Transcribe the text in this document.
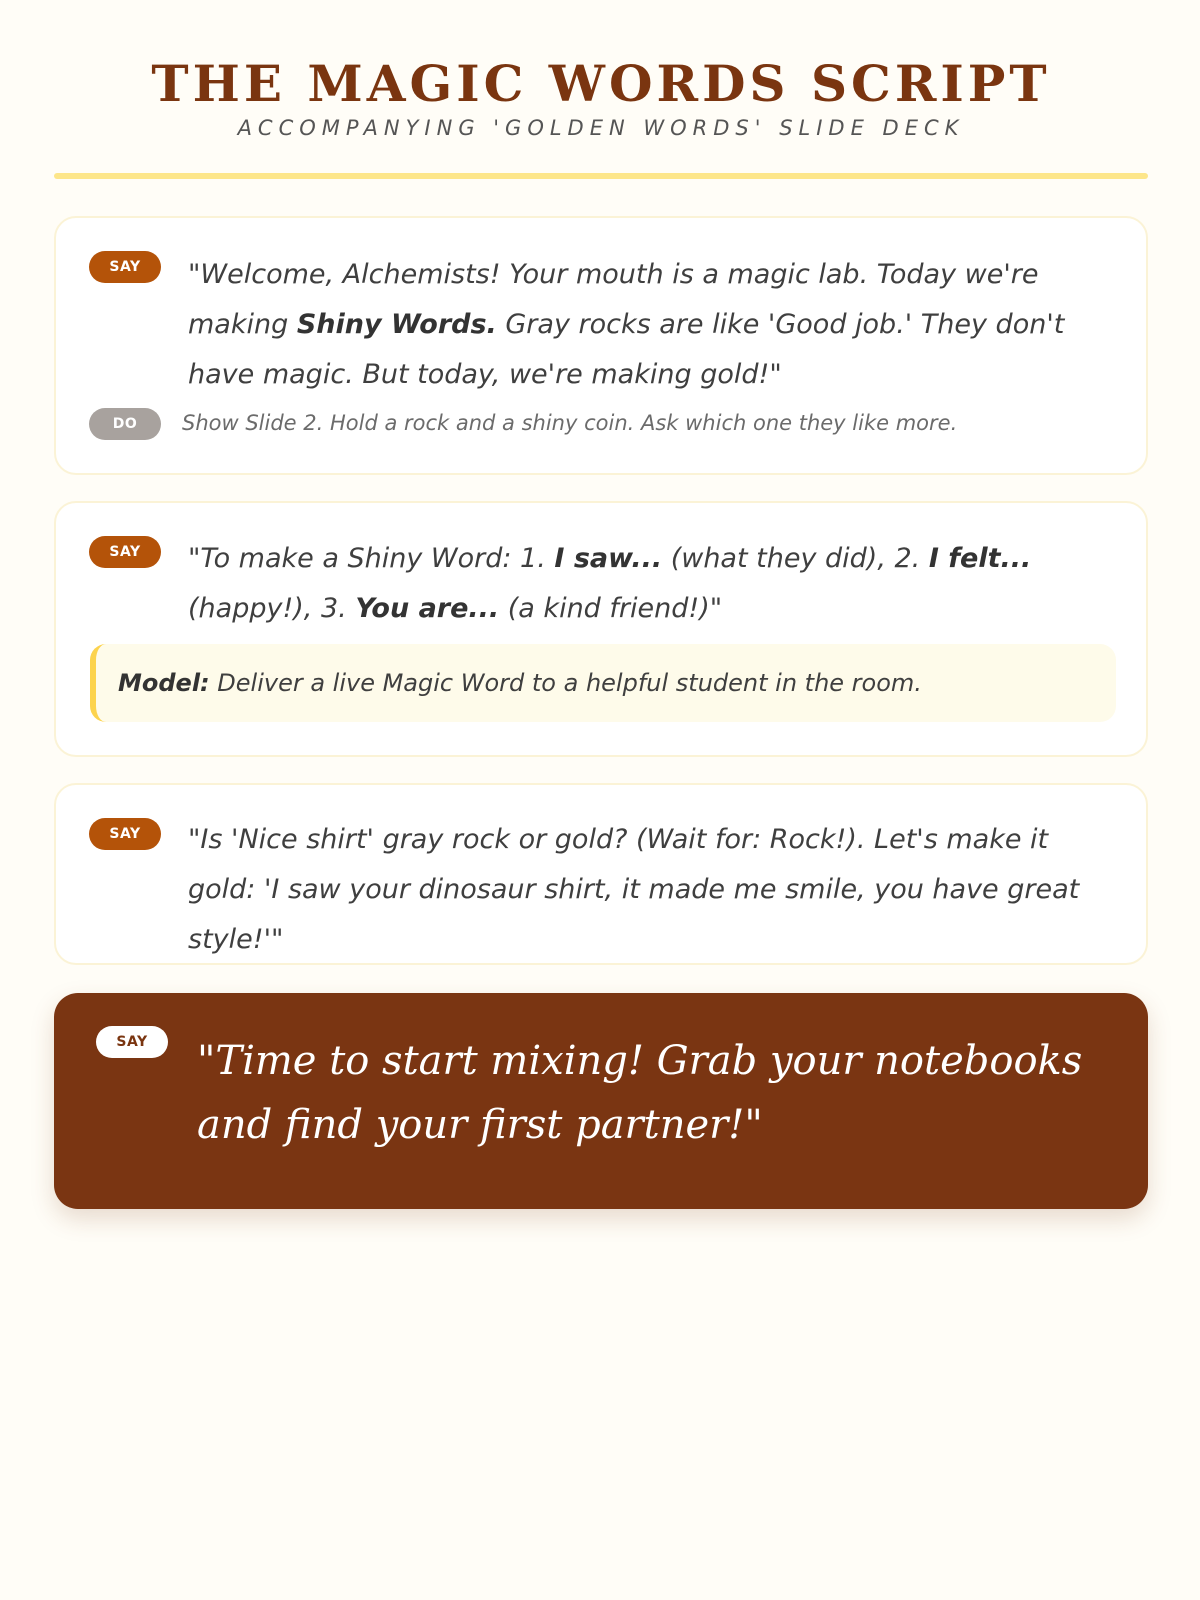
THE MAGIC WORDS SCRIPT
ACCOMPANYING 'GOLDEN WORDS' SLIDE DECK
SAY	"Welcome, Alchemists! Your mouth is a magic lab. Today we're making Shiny Words. Gray rocks are like 'Good job.' They don't have magic. But today, we're making gold!"

DO	Show Slide 2. Hold a rock and a shiny coin. Ask which one they like more.
SAY	"To make a Shiny Word: 1. I saw... (what they did), 2. I felt... (happy!), 3. You are... (a kind friend!)"

Model: Deliver a live Magic Word to a helpful student in the room.
SAY	"Is 'Nice shirt' gray rock or gold? (Wait for: Rock!). Let's make it gold: 'I saw your dinosaur shirt, it made me smile, you have great style!'"

SAY	"Time to start mixing! Grab your notebooks and find your first partner!"
